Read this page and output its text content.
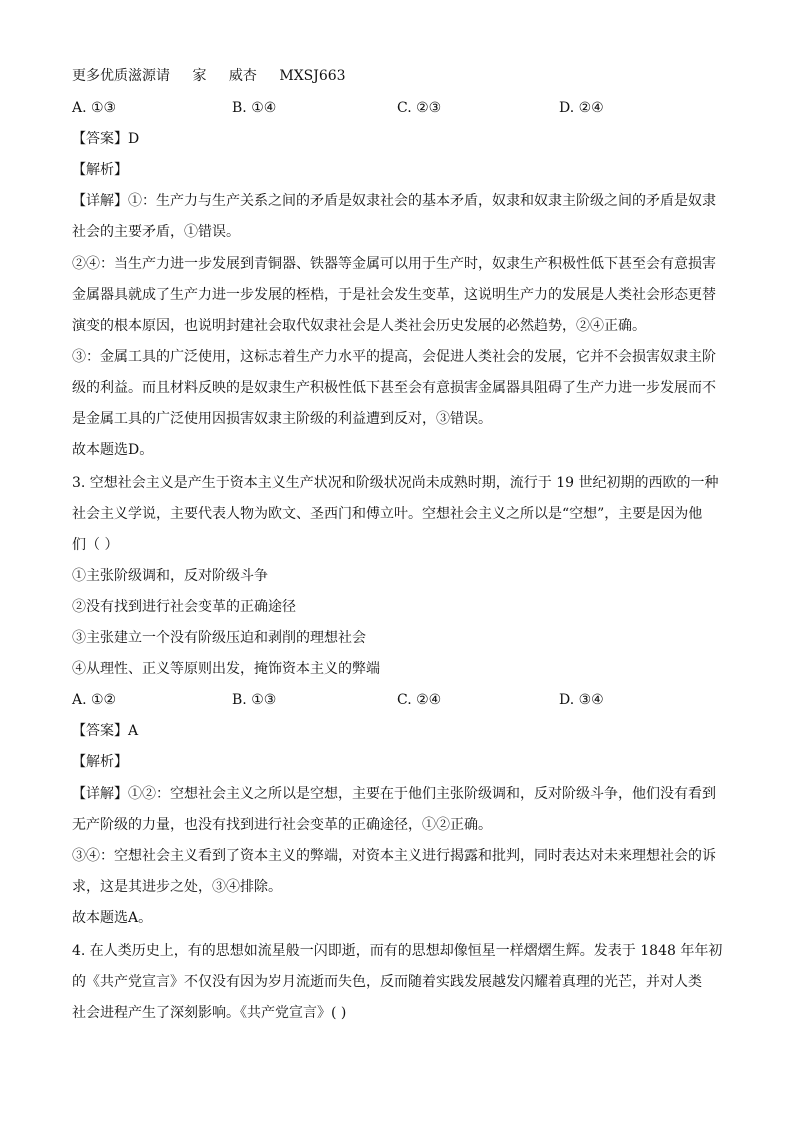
更多优质滋源请 家 威杏 MXSJ663
A. ①③	B. ①④	C. ②③	D. ②④
【答案】D
【解析】
【详解】①：生产力与生产关系之间的矛盾是奴隶社会的基本矛盾，奴隶和奴隶主阶级之间的矛盾是奴隶
社会的主要矛盾，①错误。
②④：当生产力进一步发展到青铜器、铁器等金属可以用于生产时，奴隶生产积极性低下甚至会有意损害
金属器具就成了生产力进一步发展的桎梏，于是社会发生变革，这说明生产力的发展是人类社会形态更替
演变的根本原因，也说明封建社会取代奴隶社会是人类社会历史发展的必然趋势，②④正确。
③：金属工具的广泛使用，这标志着生产力水平的提高，会促进人类社会的发展，它并不会损害奴隶主阶
级的利益。而且材料反映的是奴隶生产积极性低下甚至会有意损害金属器具阻碍了生产力进一步发展而不
是金属工具的广泛使用因损害奴隶主阶级的利益遭到反对，③错误。
故本题选D。
3. 空想社会主义是产生于资本主义生产状况和阶级状况尚未成熟时期，流行于 19 世纪初期的西欧的一种
社会主义学说，主要代表人物为欧文、圣西门和傅立叶。空想社会主义之所以是“空想”，主要是因为他
们（ ）
①主张阶级调和，反对阶级斗争
②没有找到进行社会变革的正确途径
③主张建立一个没有阶级压迫和剥削的理想社会
④从理性、正义等原则出发，掩饰资本主义的弊端
A. ①②	B. ①③	C. ②④	D. ③④
【答案】A
【解析】
【详解】①②：空想社会主义之所以是空想，主要在于他们主张阶级调和，反对阶级斗争，他们没有看到
无产阶级的力量，也没有找到进行社会变革的正确途径，①②正确。
③④：空想社会主义看到了资本主义的弊端，对资本主义进行揭露和批判，同时表达对未来理想社会的诉
求，这是其进步之处，③④排除。
故本题选A。
4. 在人类历史上，有的思想如流星般一闪即逝，而有的思想却像恒星一样熠熠生辉。发表于 1848 年年初
的《共产党宣言》不仅没有因为岁月流逝而失色，反而随着实践发展越发闪耀着真理的光芒，并对人类
社会进程产生了深刻影响。《共产党宣言》( )
